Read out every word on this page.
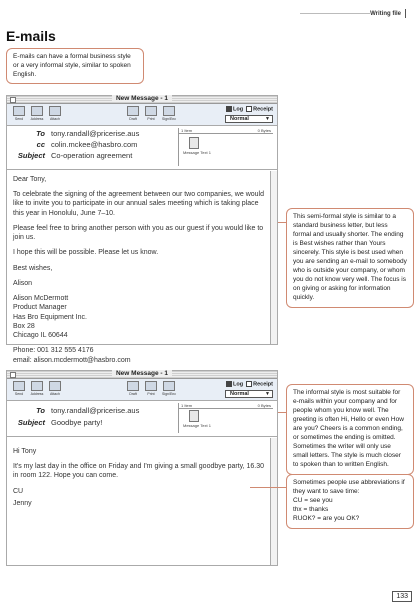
Writing file
E-mails
E-mails can have a formal business style or a very informal style, similar to spoken English.
New Message - 1
Send	Address	Attach	Draft	Print	Sign/Enc
Log	Receipt
Normal	▼
To tony.randall@pricerise.aus
cc colin.mckee@hasbro.com
Subject Co-operation agreement
1 Item	0 Bytes
Message Text 1

Dear Tony,

To celebrate the signing of the agreement between our two companies, we would like to invite you to participate in our annual sales meeting which is taking place this year in Honolulu, June 7–10.

Please feel free to bring another person with you as our guest if you would like to join us.

I hope this will be possible. Please let us know.

Best wishes,

Alison

Alison McDermott
Product Manager
Has Bro Equipment Inc.
Box 28
Chicago IL 60644
Phone: 001 312 555 4176
email: alison.mcdermott@hasbro.com
New Message - 1
Send	Address	Attach	Draft	Print	Sign/Enc
Log	Receipt
Normal	▼
To tony.randall@pricerise.aus
Subject Goodbye party!
1 Item	0 Bytes
Message Text 1

Hi Tony

It's my last day in the office on Friday and I'm giving a small goodbye party, 16.30 in room 122. Hope you can come.

CU

Jenny

This semi-formal style is similar to a standard business letter, but less formal and usually shorter. The ending is Best wishes rather than Yours sincerely. This style is best used when you are sending an e-mail to somebody who is outside your company, or whom you do not know very well. The focus is on giving or asking for information quickly.
The informal style is most suitable for e-mails within your company and for people whom you know well. The greeting is often Hi, Hello or even How are you? Cheers is a common ending, or sometimes the ending is omitted. Sometimes the writer will only use small letters. The style is much closer to spoken than to written English.
Sometimes people use abbreviations if they want to save time:
CU = see you
thx = thanks
RUOK? = are you OK?
133
